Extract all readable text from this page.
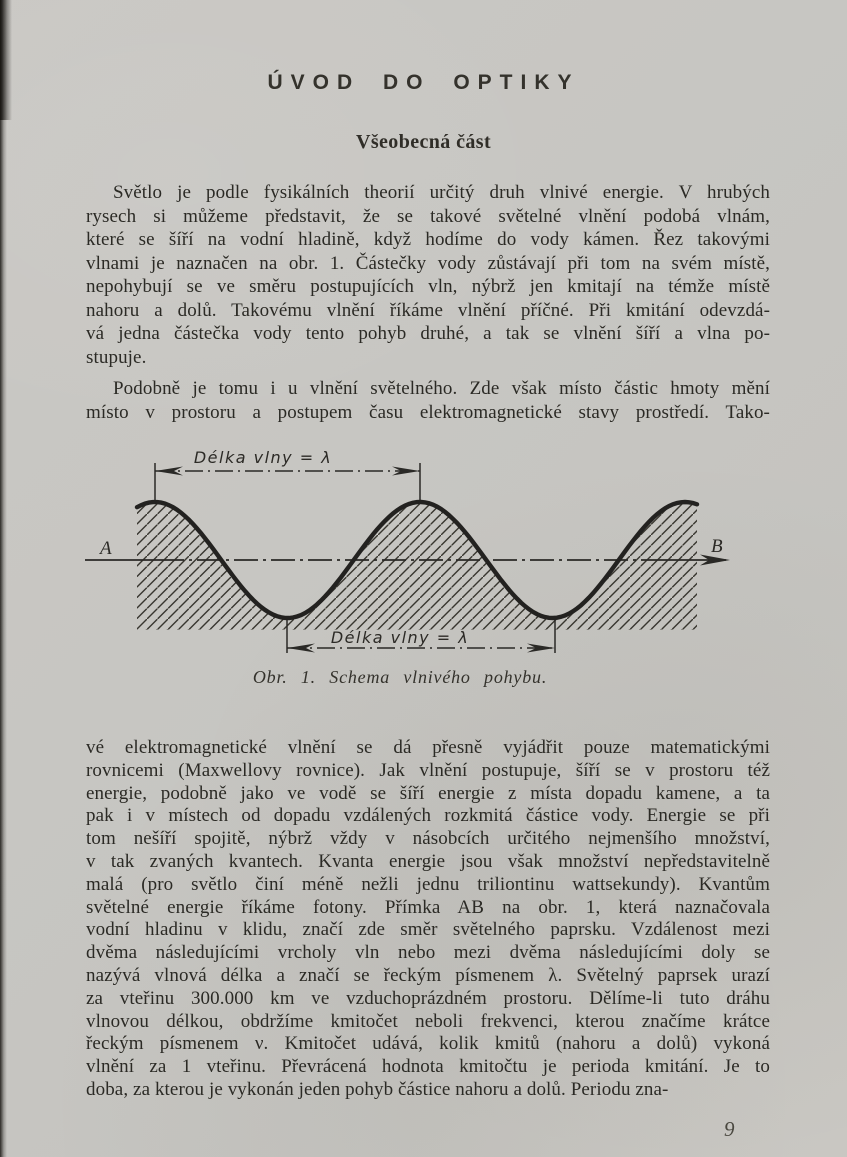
ÚVOD DO OPTIKY
Všeobecná část
Světlo je podle fysikálních theorií určitý druh vlnivé energie. V hrubých
rysech si můžeme představit, že se takové světelné vlnění podobá vlnám,
které se šíří na vodní hladině, když hodíme do vody kámen. Řez takovými
vlnami je naznačen na obr. 1. Částečky vody zůstávají při tom na svém místě,
nepohybují se ve směru postupujících vln, nýbrž jen kmitají na témže místě
nahoru a dolů. Takovému vlnění říkáme vlnění příčné. Při kmitání odevzdá-
vá jedna částečka vody tento pohyb druhé, a tak se vlnění šíří a vlna po-
stupuje.
Podobně je tomu i u vlnění světelného. Zde však místo částic hmoty mění
místo v prostoru a postupem času elektromagnetické stavy prostředí. Tako-
A	B
Délka vlny = λ
Délka vlny = λ
Obr. 1. Schema vlnivého pohybu.
vé elektromagnetické vlnění se dá přesně vyjádřit pouze matematickými
rovnicemi (Maxwellovy rovnice). Jak vlnění postupuje, šíří se v prostoru též
energie, podobně jako ve vodě se šíří energie z místa dopadu kamene, a ta
pak i v místech od dopadu vzdálených rozkmitá částice vody. Energie se při
tom nešíří spojitě, nýbrž vždy v násobcích určitého nejmenšího množství,
v tak zvaných kvantech. Kvanta energie jsou však množství nepředstavitelně
malá (pro světlo činí méně nežli jednu triliontinu wattsekundy). Kvantům
světelné energie říkáme fotony. Přímka AB na obr. 1, která naznačovala
vodní hladinu v klidu, značí zde směr světelného paprsku. Vzdálenost mezi
dvěma následujícími vrcholy vln nebo mezi dvěma následujícími doly se
nazývá vlnová délka a značí se řeckým písmenem λ. Světelný paprsek urazí
za vteřinu 300.000 km ve vzduchoprázdném prostoru. Dělíme-li tuto dráhu
vlnovou délkou, obdržíme kmitočet neboli frekvenci, kterou značíme krátce
řeckým písmenem ν. Kmitočet udává, kolik kmitů (nahoru a dolů) vykoná
vlnění za 1 vteřinu. Převrácená hodnota kmitočtu je perioda kmitání. Je to
doba, za kterou je vykonán jeden pohyb částice nahoru a dolů. Periodu zna-
9
